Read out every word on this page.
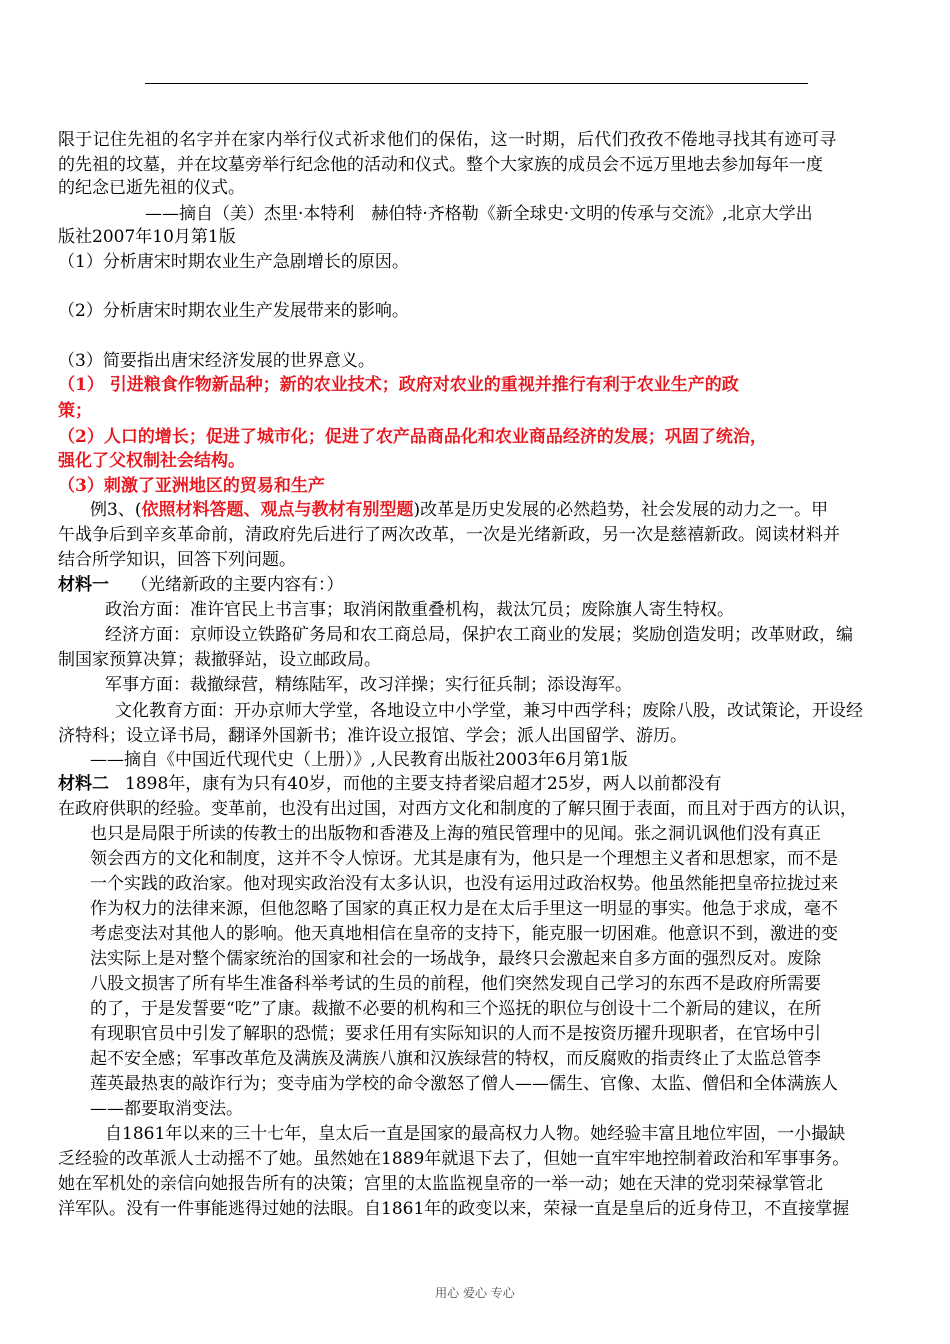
限于记住先祖的名字并在家内举行仪式祈求他们的保佑，这一时期，后代们孜孜不倦地寻找其有迹可寻
的先祖的坟墓，并在坟墓旁举行纪念他的活动和仪式。整个大家族的成员会不远万里地去参加每年一度
的纪念已逝先祖的仪式。
——摘自（美）杰里·本特利　赫伯特·齐格勒《新全球史·文明的传承与交流》,北京大学出
版社2007年10月第1版
（1）分析唐宋时期农业生产急剧增长的原因。
（2）分析唐宋时期农业生产发展带来的影响。
（3）简要指出唐宋经济发展的世界意义。
（1） 引进粮食作物新品种；新的农业技术；政府对农业的重视并推行有利于农业生产的政
策；
（2）人口的增长；促进了城市化；促进了农产品商品化和农业商品经济的发展；巩固了统治，
强化了父权制社会结构。
（3）刺激了亚洲地区的贸易和生产
例3、(依照材料答题、观点与教材有别型题)改革是历史发展的必然趋势，社会发展的动力之一。甲
午战争后到辛亥革命前，清政府先后进行了两次改革，一次是光绪新政，另一次是慈禧新政。阅读材料并
结合所学知识，回答下列问题。
材料一 （光绪新政的主要内容有：）
政治方面：准许官民上书言事；取消闲散重叠机构，裁汰冗员；废除旗人寄生特权。
经济方面：京师设立铁路矿务局和农工商总局，保护农工商业的发展；奖励创造发明；改革财政，编
制国家预算决算；裁撤驿站，设立邮政局。
军事方面：裁撤绿营，精练陆军，改习洋操；实行征兵制；添设海军。
文化教育方面：开办京师大学堂，各地设立中小学堂，兼习中西学科；废除八股，改试策论，开设经
济特科；设立译书局，翻译外国新书；准许设立报馆、学会；派人出国留学、游历。
——摘自《中国近代现代史（上册）》,人民教育出版社2003年6月第1版
材料二 1898年，康有为只有40岁，而他的主要支持者梁启超才25岁，两人以前都没有
在政府供职的经验。变革前，也没有出过国，对西方文化和制度的了解只囿于表面，而且对于西方的认识，
也只是局限于所读的传教士的出版物和香港及上海的殖民管理中的见闻。张之洞讥讽他们没有真正
领会西方的文化和制度，这并不令人惊讶。尤其是康有为，他只是一个理想主义者和思想家，而不是
一个实践的政治家。他对现实政治没有太多认识，也没有运用过政治权势。他虽然能把皇帝拉拢过来
作为权力的法律来源，但他忽略了国家的真正权力是在太后手里这一明显的事实。他急于求成，毫不
考虑变法对其他人的影响。他天真地相信在皇帝的支持下，能克服一切困难。他意识不到，激进的变
法实际上是对整个儒家统治的国家和社会的一场战争，最终只会激起来自多方面的强烈反对。废除
八股文损害了所有毕生准备科举考试的生员的前程，他们突然发现自己学习的东西不是政府所需要
的了，于是发誓要“吃”了康。裁撤不必要的机构和三个巡抚的职位与创设十二个新局的建议，在所
有现职官员中引发了解职的恐慌；要求任用有实际知识的人而不是按资历擢升现职者，在官场中引
起不安全感；军事改革危及满族及满族八旗和汉族绿营的特权，而反腐败的指责终止了太监总管李
莲英最热衷的敲诈行为；变寺庙为学校的命令激怒了僧人——儒生、官像、太监、僧侣和全体满族人
——都要取消变法。
自1861年以来的三十七年，皇太后一直是国家的最高权力人物。她经验丰富且地位牢固，一小撮缺
乏经验的改革派人士动摇不了她。虽然她在1889年就退下去了，但她一直牢牢地控制着政治和军事事务。
她在军机处的亲信向她报告所有的决策；宫里的太监监视皇帝的一举一动；她在天津的党羽荣禄掌管北
洋军队。没有一件事能逃得过她的法眼。自1861年的政变以来，荣禄一直是皇后的近身侍卫，不直接掌握
用心 爱心 专心
